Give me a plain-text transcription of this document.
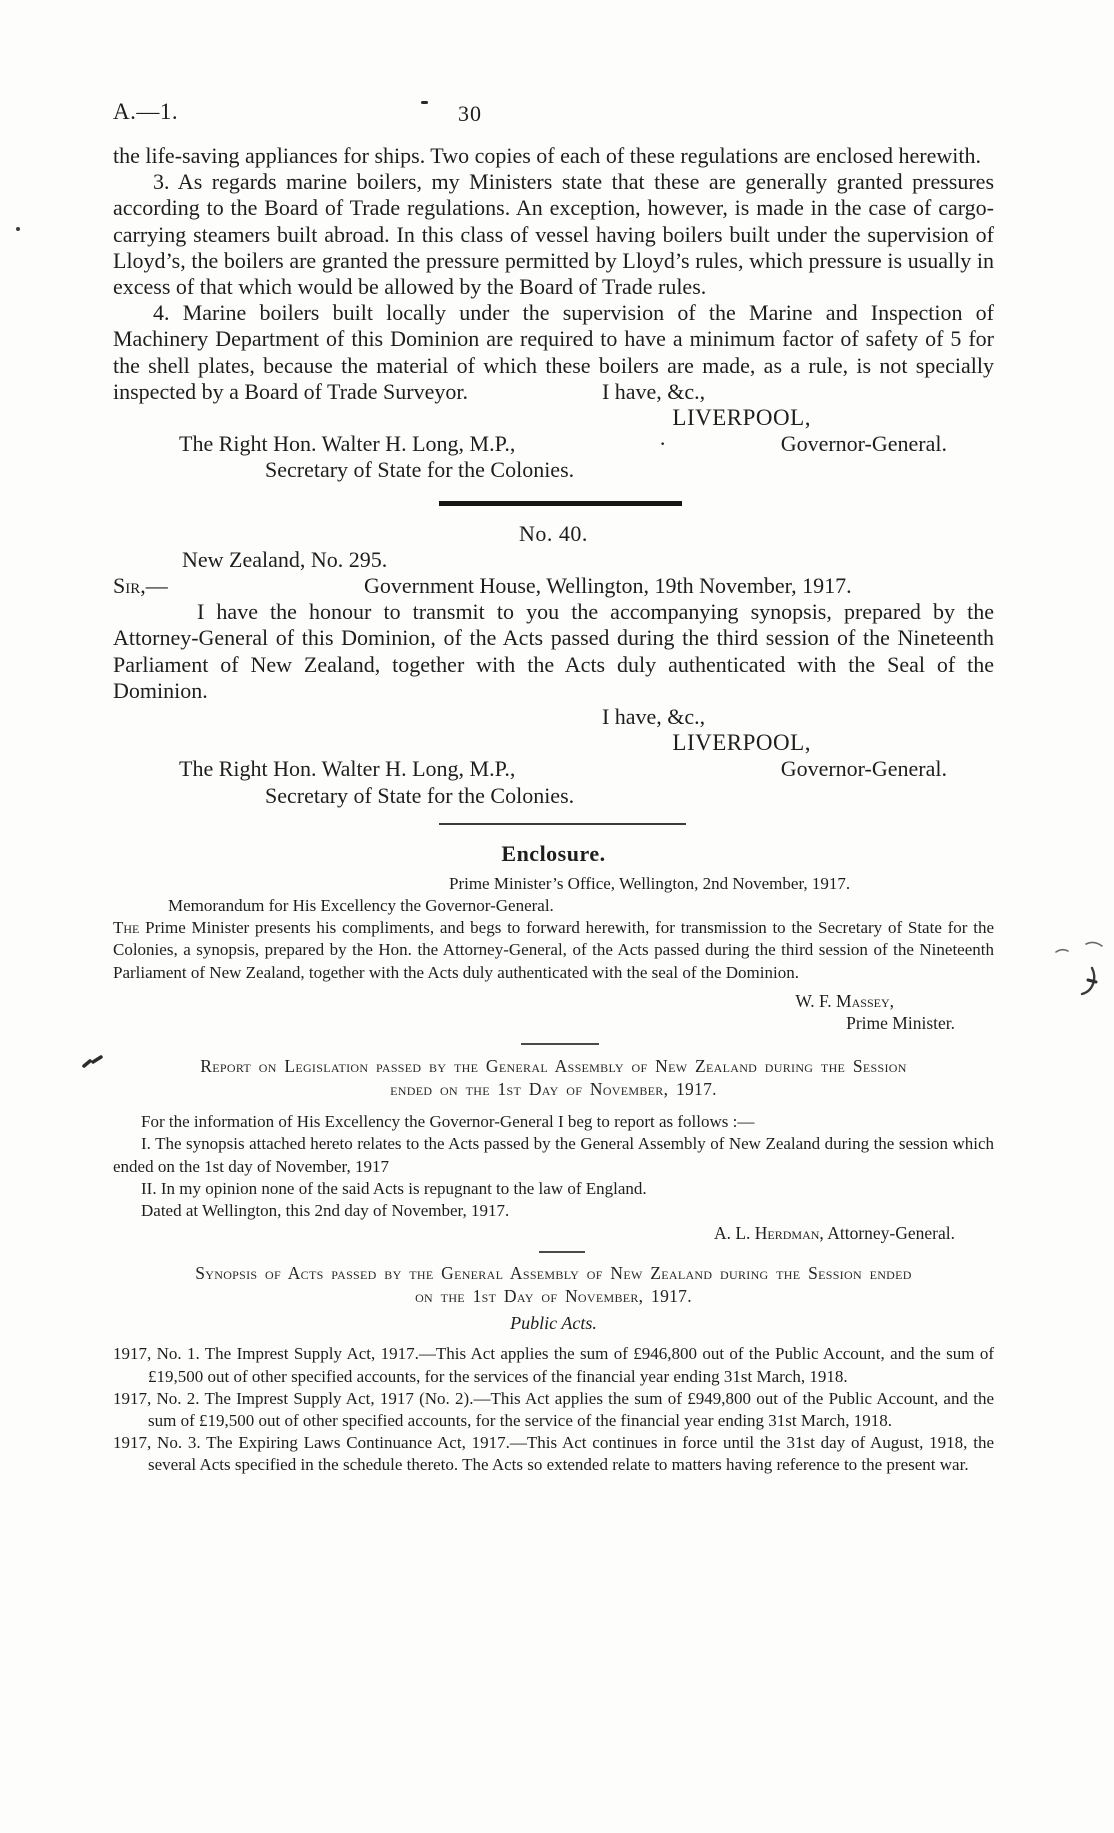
A.—1.	30

the life-saving appliances for ships. Two copies of each of these regulations are enclosed herewith.

3. As regards marine boilers, my Ministers state that these are generally granted pressures according to the Board of Trade regulations. An exception, however, is made in the case of cargo-carrying steamers built abroad. In this class of vessel having boilers built under the supervision of Lloyd’s, the boilers are granted the pressure permitted by Lloyd’s rules, which pressure is usually in excess of that which would be allowed by the Board of Trade rules.

4. Marine boilers built locally under the supervision of the Marine and Inspection of Machinery Department of this Dominion are required to have a minimum factor of safety of 5 for the shell plates, because the material of which these boilers are made, as a rule, is not specially inspected by a Board of Trade Surveyor.	I have, &c.,
LIVERPOOL,
The Right Hon. Walter H. Long, M.P.,	·	Governor-General.
Secretary of State for the Colonies.
No. 40.
New Zealand, No. 295.
Sir,—	Government House, Wellington, 19th November, 1917.

I have the honour to transmit to you the accompanying synopsis, prepared by the Attorney-General of this Dominion, of the Acts passed during the third session of the Nineteenth Parliament of New Zealand, together with the Acts duly authenticated with the Seal of the Dominion.

I have, &c.,
LIVERPOOL,
The Right Hon. Walter H. Long, M.P.,	Governor-General.
Secretary of State for the Colonies.
Enclosure.
Prime Minister’s Office, Wellington, 2nd November, 1917.
Memorandum for His Excellency the Governor-General.

The Prime Minister presents his compliments, and begs to forward herewith, for transmission to the Secretary of State for the Colonies, a synopsis, prepared by the Hon. the Attorney-General, of the Acts passed during the third session of the Nineteenth Parliament of New Zealand, together with the Acts duly authenticated with the seal of the Dominion.

W. F. Massey,
Prime Minister.
Report on Legislation passed by the General Assembly of New Zealand during the Session
ended on the 1st Day of November, 1917.

For the information of His Excellency the Governor-General I beg to report as follows :—

I. The synopsis attached hereto relates to the Acts passed by the General Assembly of New Zealand during the session which ended on the 1st day of November, 1917

II. In my opinion none of the said Acts is repugnant to the law of England.

Dated at Wellington, this 2nd day of November, 1917.

A. L. Herdman, Attorney-General.
Synopsis of Acts passed by the General Assembly of New Zealand during the Session ended
on the 1st Day of November, 1917.
Public Acts.

1917, No. 1. The Imprest Supply Act, 1917.—This Act applies the sum of £946,800 out of the Public Account, and the sum of £19,500 out of other specified accounts, for the services of the financial year ending 31st March, 1918.

1917, No. 2. The Imprest Supply Act, 1917 (No. 2).—This Act applies the sum of £949,800 out of the Public Account, and the sum of £19,500 out of other specified accounts, for the service of the financial year ending 31st March, 1918.

1917, No. 3. The Expiring Laws Continuance Act, 1917.—This Act continues in force until the 31st day of August, 1918, the several Acts specified in the schedule thereto. The Acts so extended relate to matters having reference to the present war.
